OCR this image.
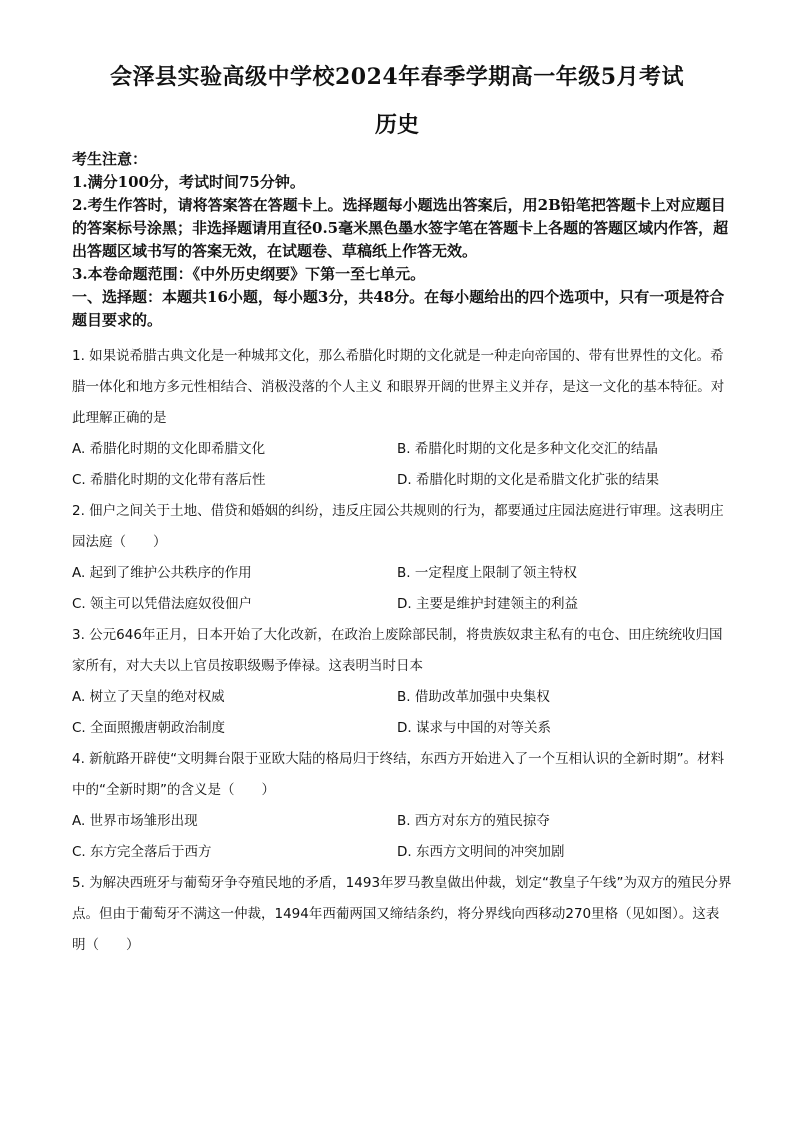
会泽县实验高级中学校2024年春季学期高一年级5月考试
历史
考生注意：
1.满分100分，考试时间75分钟。
2.考生作答时，请将答案答在答题卡上。选择题每小题选出答案后，用2B铅笔把答题卡上对应题目的答案标号涂黑；非选择题请用直径0.5毫米黑色墨水签字笔在答题卡上各题的答题区域内作答，超出答题区域书写的答案无效，在试题卷、草稿纸上作答无效。
3.本卷命题范围：《中外历史纲要》下第一至七单元。
一、选择题：本题共16小题，每小题3分，共48分。在每小题给出的四个选项中，只有一项是符合题目要求的。

1. 如果说希腊古典文化是一种城邦文化，那么希腊化时期的文化就是一种走向帝国的、带有世界性的文化。希腊一体化和地方多元性相结合、消极没落的个人主义 和眼界开阔的世界主义并存，是这一文化的基本特征。对此理解正确的是

A. 希腊化时期的文化即希腊文化	B. 希腊化时期的文化是多种文化交汇的结晶
C. 希腊化时期的文化带有落后性	D. 希腊化时期的文化是希腊文化扩张的结果

2. 佃户之间关于土地、借贷和婚姻的纠纷，违反庄园公共规则的行为，都要通过庄园法庭进行审理。这表明庄园法庭（　　）

A. 起到了维护公共秩序的作用	B. 一定程度上限制了领主特权
C. 领主可以凭借法庭奴役佃户	D. 主要是维护封建领主的利益

3. 公元646年正月，日本开始了大化改新，在政治上废除部民制，将贵族奴隶主私有的屯仓、田庄统统收归国家所有，对大夫以上官员按职级赐予俸禄。这表明当时日本

A. 树立了天皇的绝对权威	B. 借助改革加强中央集权
C. 全面照搬唐朝政治制度	D. 谋求与中国的对等关系

4. 新航路开辟使“文明舞台限于亚欧大陆的格局归于终结，东西方开始进入了一个互相认识的全新时期”。材料中的“全新时期”的含义是（　　）

A. 世界市场雏形出现	B. 西方对东方的殖民掠夺
C. 东方完全落后于西方	D. 东西方文明间的冲突加剧

5. 为解决西班牙与葡萄牙争夺殖民地的矛盾，1493年罗马教皇做出仲裁，划定“教皇子午线”为双方的殖民分界点。但由于葡萄牙不满这一仲裁，1494年西葡两国又缔结条约，将分界线向西移动270里格（见如图）。这表明（　　）
